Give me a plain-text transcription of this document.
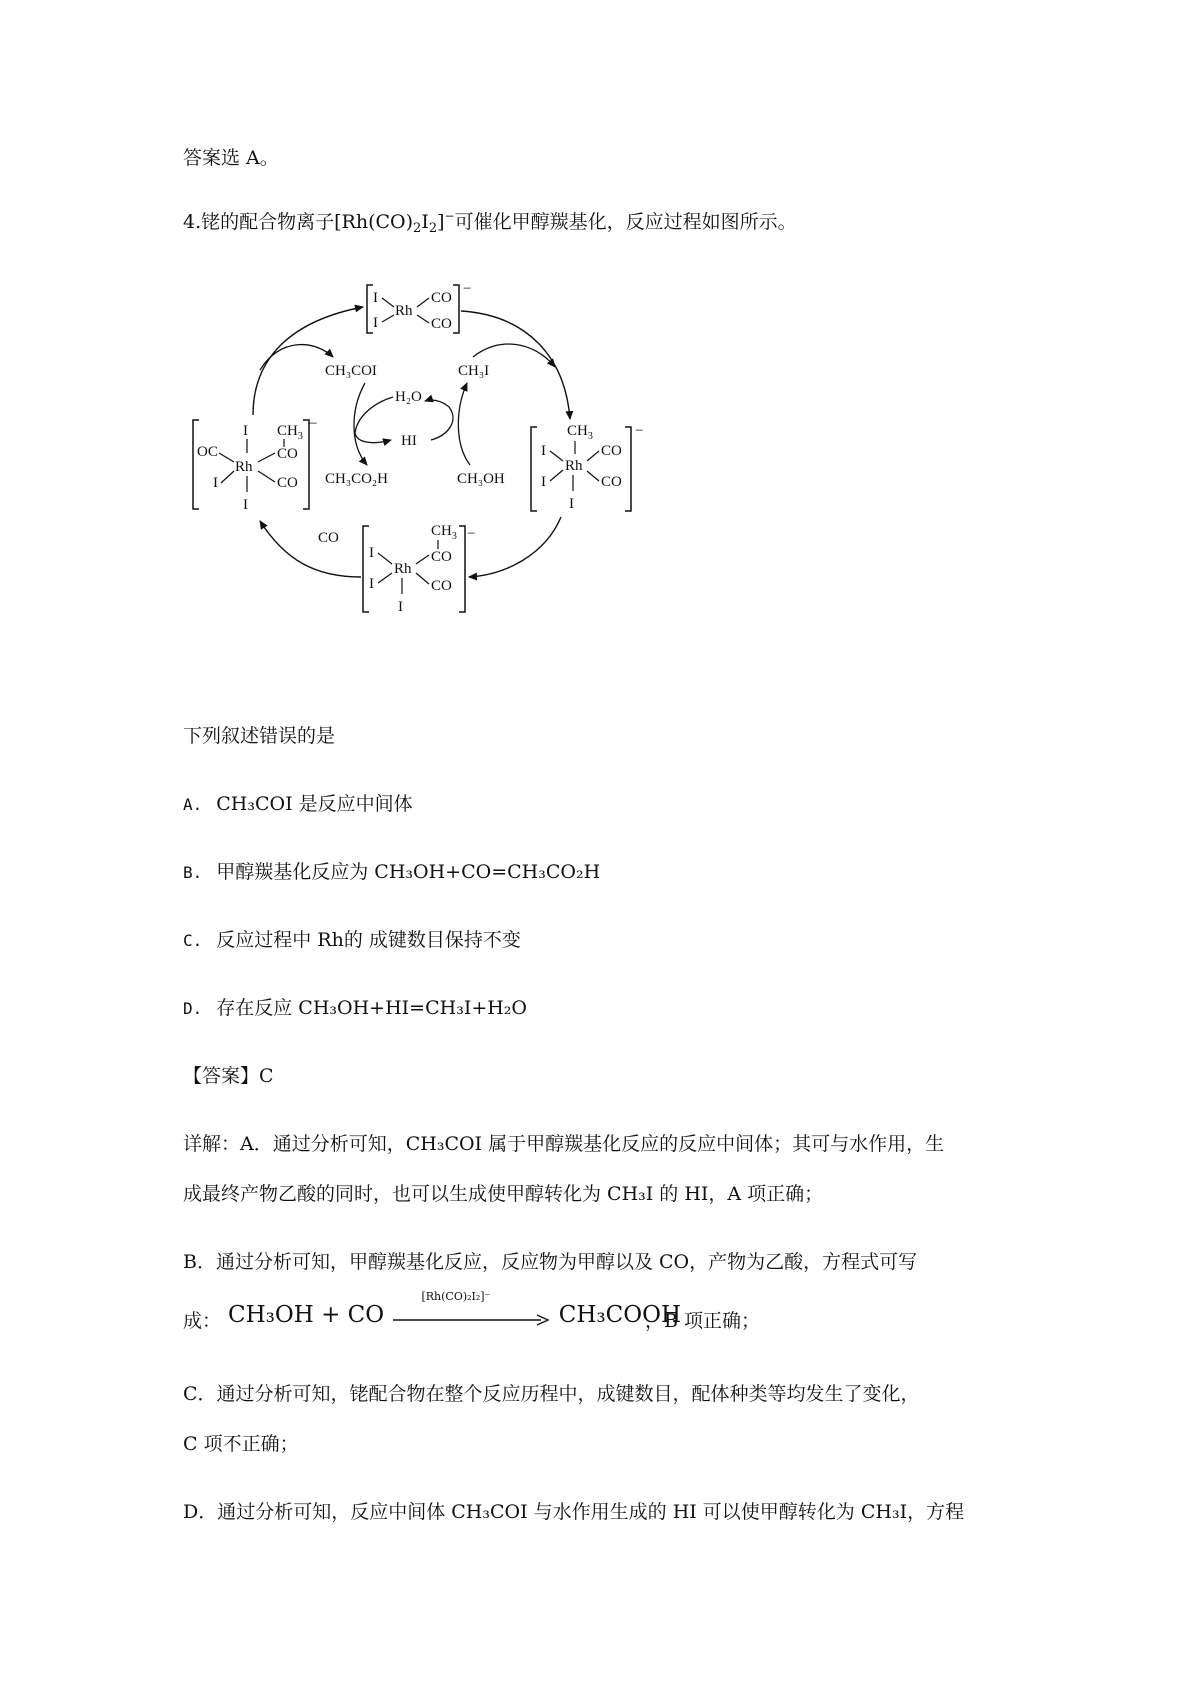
答案选 A。
4.铑的配合物离子$[Rh(CO)_2I_2]^-$可催化甲醇羰基化，反应过程如图所示。
I
I
Rh
CO
CO
−
$CH_3$
I
I
Rh
CO
CO
I
−
$CH_3$
CO
I
I
Rh
CO
I
−
I $CH_3$
CO
OC
Rh
I	CO
I
−
CH₃COI
H₂O
HI
CH₃CO₂H
CH₃I
CH₃OH
CO
下列叙述错误的是
A. CH₃COI 是反应中间体
B. 甲醇羰基化反应为 CH₃OH+CO=CH₃CO₂H
C. 反应过程中 Rh的 成键数目保持不变
D. 存在反应 CH₃OH+HI=CH₃I+H₂O
【答案】C
详解：A．通过分析可知，CH₃COI 属于甲醇羰基化反应的反应中间体；其可与水作用，生
成最终产物乙酸的同时，也可以生成使甲醇转化为 CH₃I 的 HI，A 项正确；
B．通过分析可知，甲醇羰基化反应，反应物为甲醇以及 CO，产物为乙酸，方程式可写
成： CH₃OH + CO
[Rh(CO)₂I₂]⁻
CH₃COOH
，B 项正确；
C．通过分析可知，铑配合物在整个反应历程中，成键数目，配体种类等均发生了变化，
C 项不正确；
D．通过分析可知，反应中间体 CH₃COI 与水作用生成的 HI 可以使甲醇转化为 CH₃I，方程
